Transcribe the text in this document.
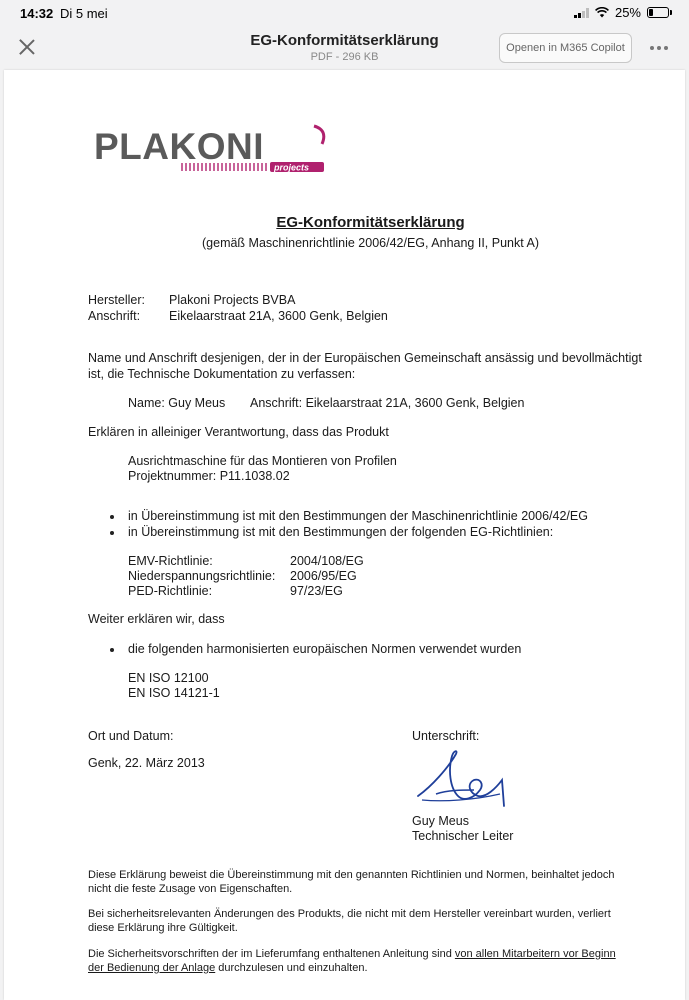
14:32 Di 5 mei	25%
EG-Konformitätserklärung
PDF - 296 KB
Openen in M365 Copilot
PLAKONI
projects
EG-Konformitätserklärung
(gemäß Maschinenrichtlinie 2006/42/EG, Anhang II, Punkt A)
Hersteller: Plakoni Projects BVBA
Anschrift: Eikelaarstraat 21A, 3600 Genk, Belgien
Name und Anschrift desjenigen, der in der Europäischen Gemeinschaft ansässig und bevollmächtigt
ist, die Technische Dokumentation zu verfassen:
Name: Guy Meus Anschrift: Eikelaarstraat 21A, 3600 Genk, Belgien
Erklären in alleiniger Verantwortung, dass das Produkt
Ausrichtmaschine für das Montieren von Profilen
Projektnummer: P11.1038.02
in Übereinstimmung ist mit den Bestimmungen der Maschinenrichtlinie 2006/42/EG
in Übereinstimmung ist mit den Bestimmungen der folgenden EG-Richtlinien:
EMV-Richtlinie:	2004/108/EG
Niederspannungsrichtlinie: 2006/95/EG
PED-Richtlinie:	97/23/EG
Weiter erklären wir, dass
die folgenden harmonisierten europäischen Normen verwendet wurden
EN ISO 12100
EN ISO 14121-1
Ort und Datum:	Unterschrift:
Genk, 22. März 2013
Guy Meus
Technischer Leiter
Diese Erklärung beweist die Übereinstimmung mit den genannten Richtlinien und Normen, beinhaltet jedoch
nicht die feste Zusage von Eigenschaften.
Bei sicherheitsrelevanten Änderungen des Produkts, die nicht mit dem Hersteller vereinbart wurden, verliert
diese Erklärung ihre Gültigkeit.
Die Sicherheitsvorschriften der im Lieferumfang enthaltenen Anleitung sind von allen Mitarbeitern vor Beginn
der Bedienung der Anlage durchzulesen und einzuhalten.
